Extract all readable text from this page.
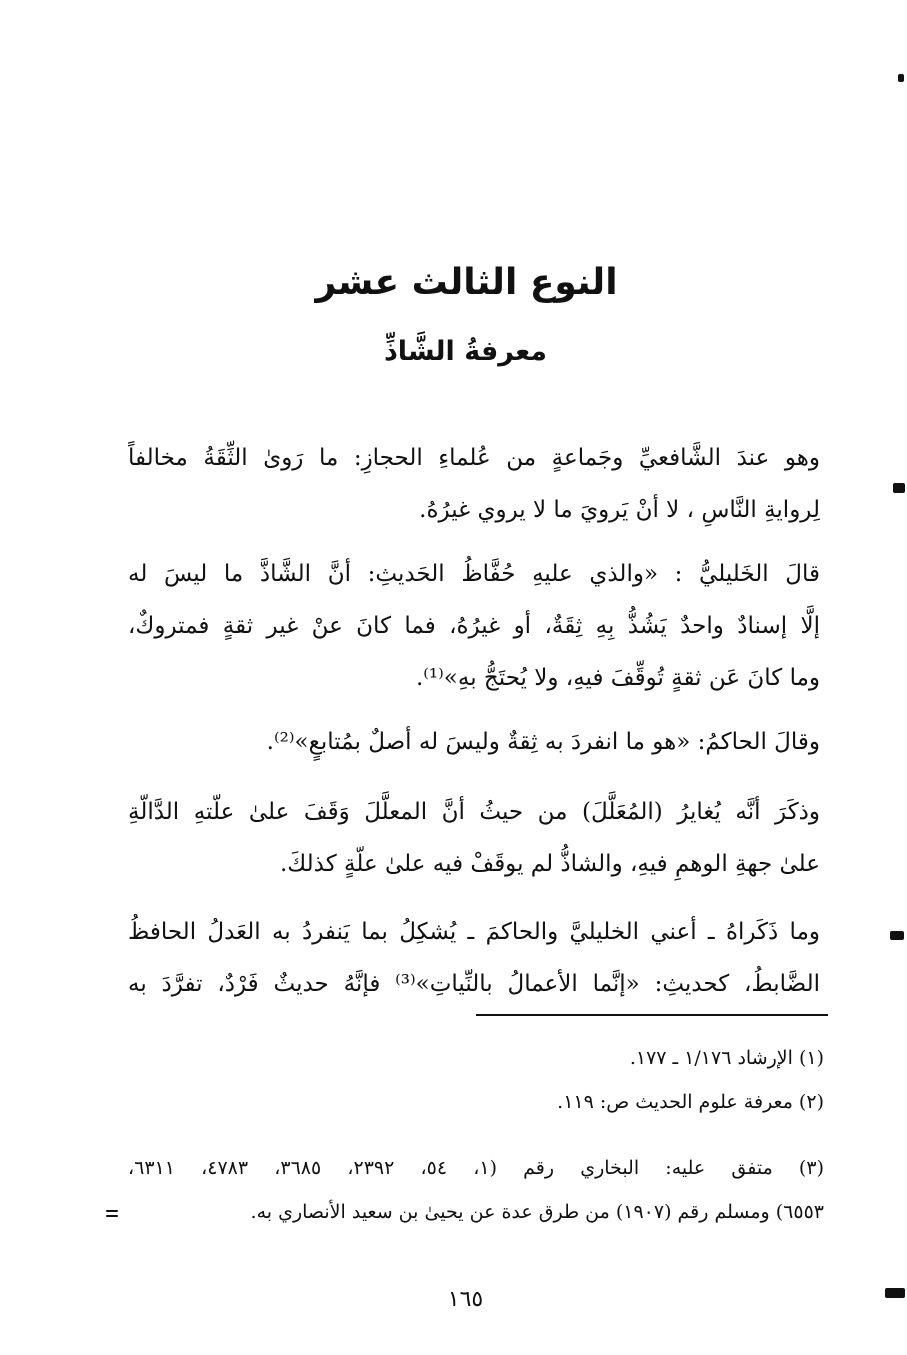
النوع الثالث عشر
معرفةُ الشَّاذِّ
وهو عندَ الشَّافعيِّ وجَماعةٍ من عُلماءِ الحجازِ: ما رَوىٰ الثِّقَةُ مخالفاً
لِروايةِ النَّاسِ ، لا أنْ يَرويَ ما لا يروي غيرُهُ.
قالَ الخَليليُّ : «والذي عليهِ حُفَّاظُ الحَديثِ: أنَّ الشَّاذَّ ما ليسَ له
إلَّا إسنادٌ واحدٌ يَشُذُّ بِهِ ثِقَةٌ، أو غيرُهُ، فما كانَ عنْ غير ثقةٍ فمتروكٌ،
وما كانَ عَن ثقةٍ تُوقِّفَ فيهِ، ولا يُحتَجُّ بهِ»⁽¹⁾.
وقالَ الحاكمُ: «هو ما انفردَ به ثِقةٌ وليسَ له أصلٌ بمُتابعٍ»⁽²⁾.
وذكَرَ أنَّه يُغايرُ (المُعَلَّلَ) من حيثُ أنَّ المعلَّلَ وَقَفَ علىٰ علّتهِ الدَّالّةِ
علىٰ جهةِ الوهمِ فيهِ، والشاذُّ لم يوقَفْ فيه علىٰ علّةٍ كذلكَ.
وما ذَكَراهُ ـ أعني الخليليَّ والحاكمَ ـ يُشكِلُ بما يَنفردُ به العَدلُ الحافظُ
الضَّابطُ، كحديثِ: «إنَّما الأعمالُ بالنِّياتِ»⁽³⁾ فإنَّهُ حديثٌ فَرْدٌ، تفرَّدَ به
(١) الإرشاد ١/١٧٦ ـ ١٧٧.
(٢) معرفة علوم الحديث ص: ١١٩.
(٣) متفق عليه: البخاري رقم (١، ٥٤، ٢٣٩٢، ٣٦٨٥، ٤٧٨٣، ٦٣١١،
٦٥٥٣) ومسلم رقم (١٩٠٧) من طرق عدة عن يحيىٰ بن سعيد الأنصاري به.
١٦٥
